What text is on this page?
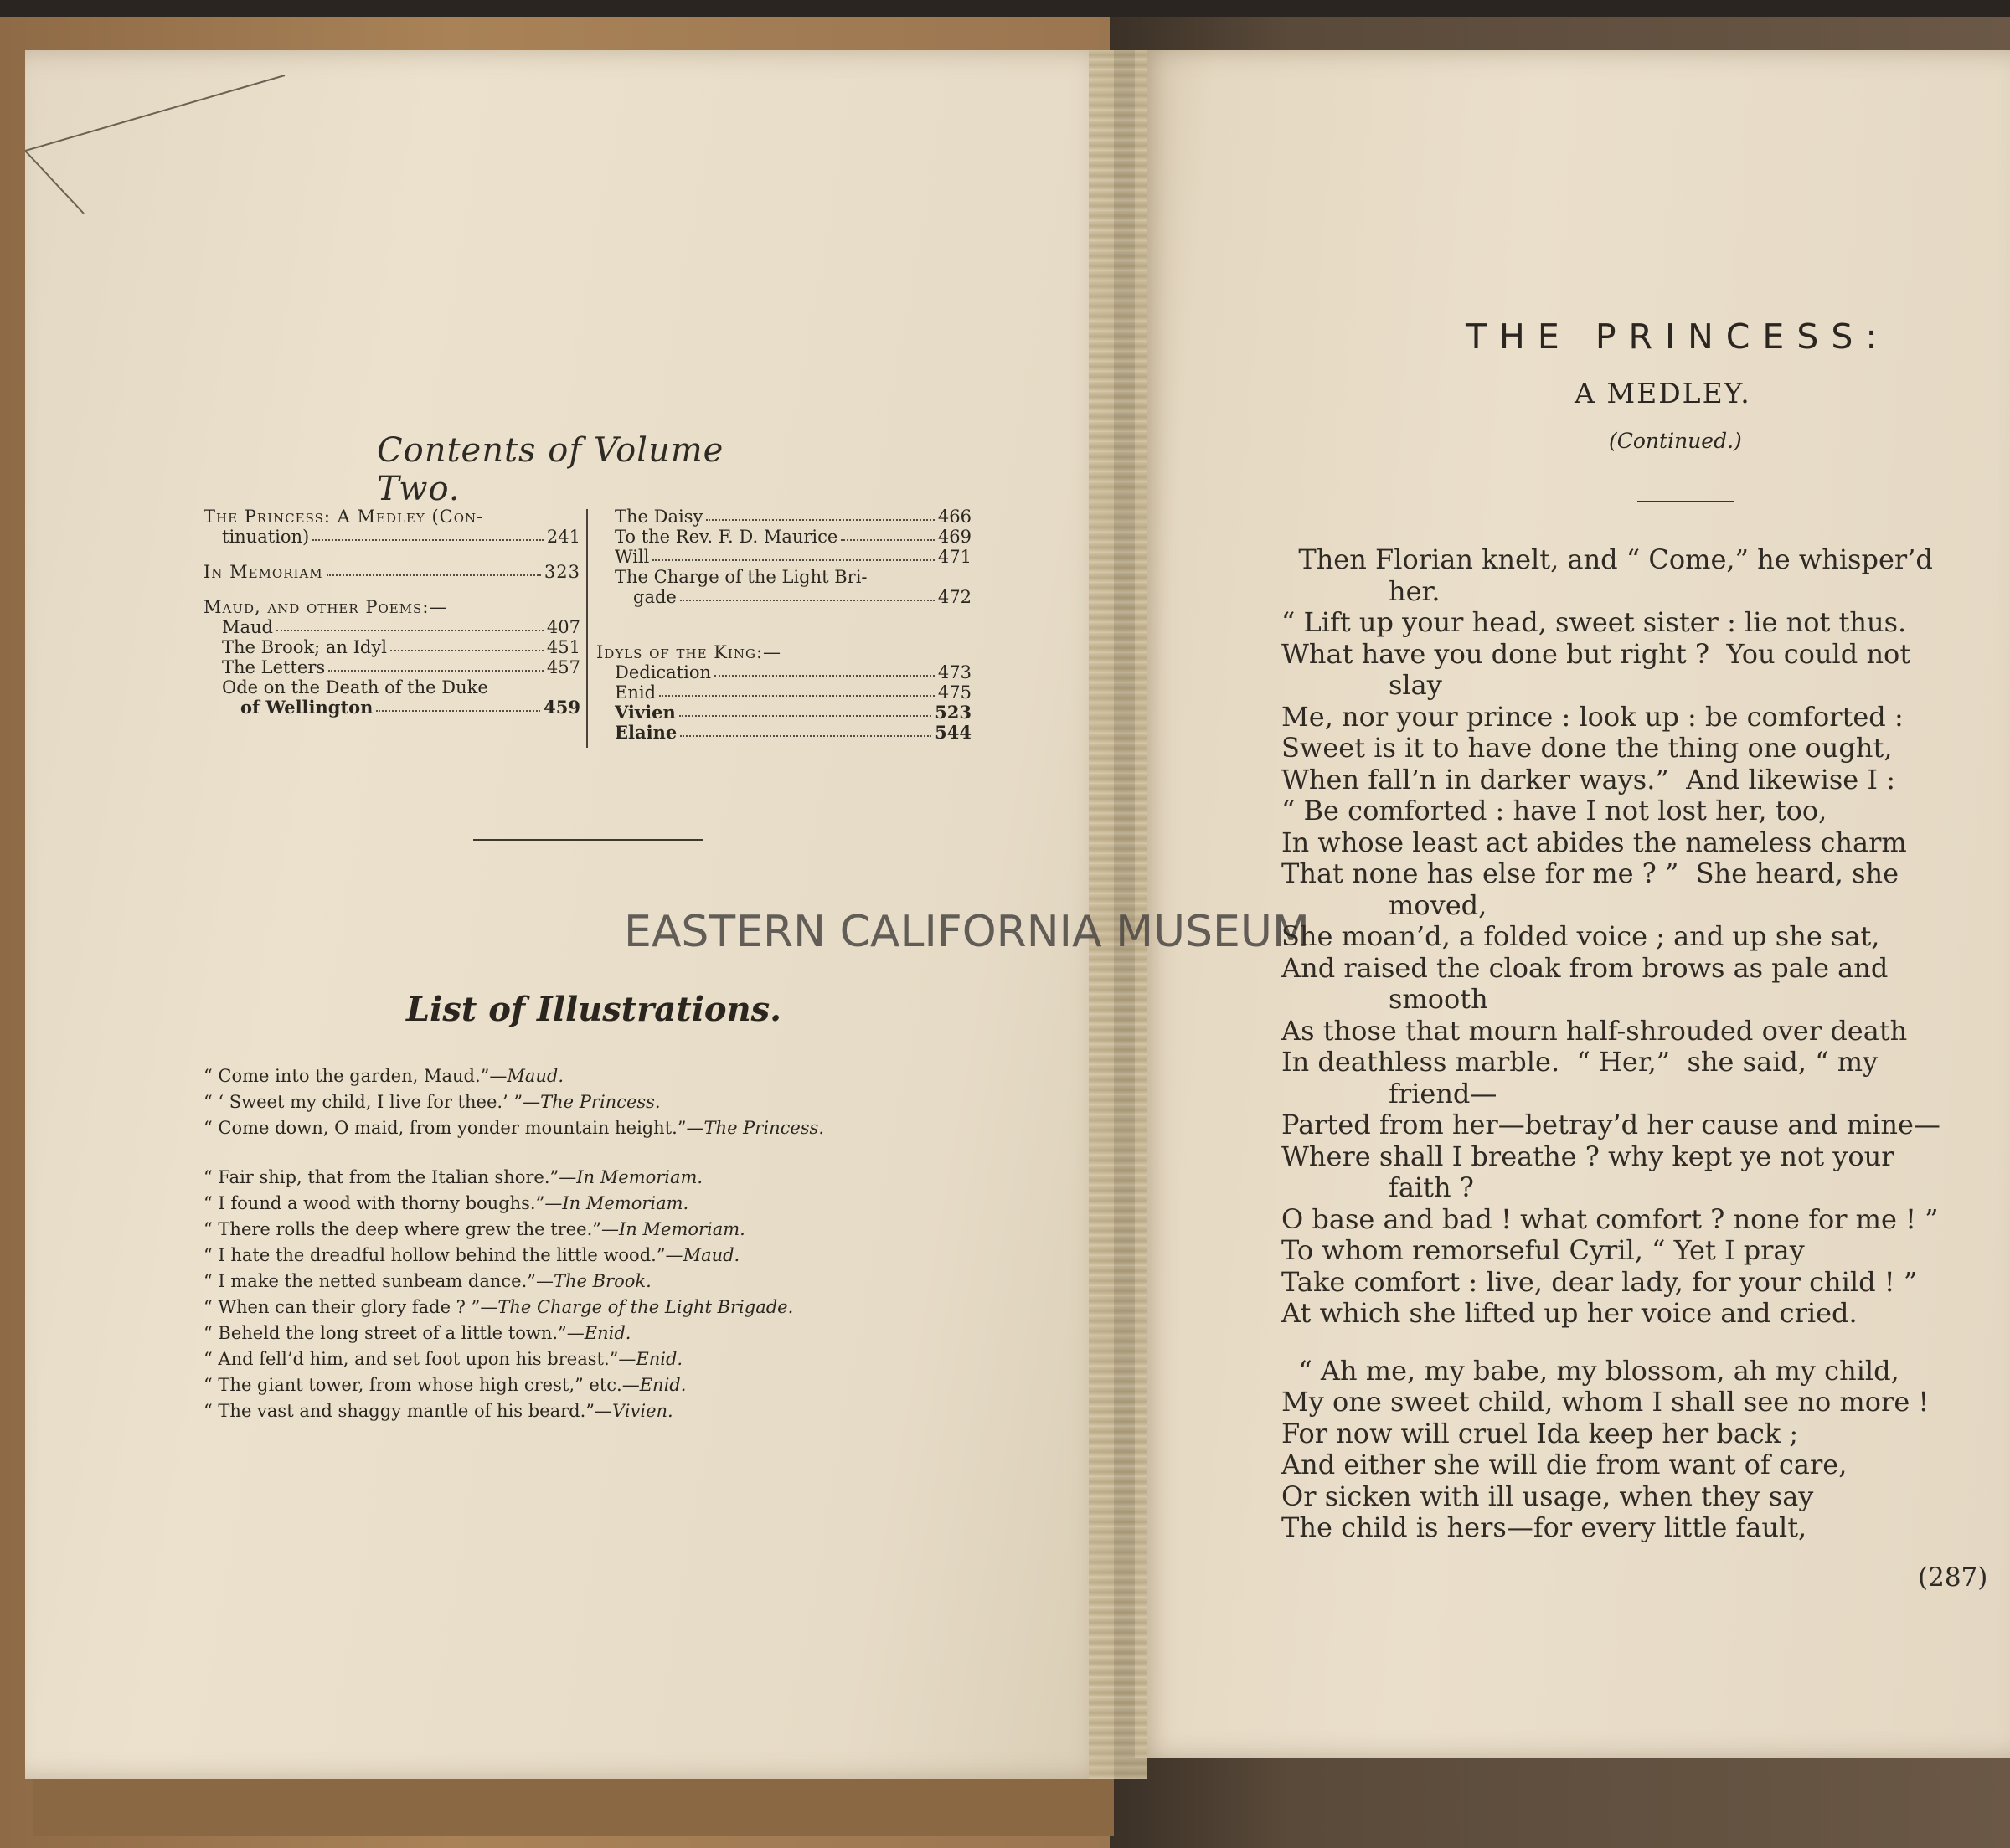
Contents of Volume Two.
The Princess: A Medley (Con-
tinuation)	241
In Memoriam	323
Maud, and other Poems:—
Maud	407
The Brook; an Idyl	451
The Letters	457
Ode on the Death of the Duke
of Wellington	459
The Daisy	466
To the Rev. F. D. Maurice	469
Will	471
The Charge of the Light Bri-
gade	472
Idyls of the King:—
Dedication	473
Enid	475
Vivien	523
Elaine	544
List of Illustrations.
“ Come into the garden, Maud.”—Maud.
“ ‘ Sweet my child, I live for thee.’ ”—The Princess.
“ Come down, O maid, from yonder mountain height.”—The Princess.
“ Fair ship, that from the Italian shore.”—In Memoriam.
“ I found a wood with thorny boughs.”—In Memoriam.
“ There rolls the deep where grew the tree.”—In Memoriam.
“ I hate the dreadful hollow behind the little wood.”—Maud.
“ I make the netted sunbeam dance.”—The Brook.
“ When can their glory fade ? ”—The Charge of the Light Brigade.
“ Beheld the long street of a little town.”—Enid.
“ And fell’d him, and set foot upon his breast.”—Enid.
“ The giant tower, from whose high crest,” etc.—Enid.
“ The vast and shaggy mantle of his beard.”—Vivien.
EASTERN CALIFORNIA MUSEUM
THE PRINCESS:
A MEDLEY.
(Continued.)
Then Florian knelt, and “ Come,” he whisper’d
her.
“ Lift up your head, sweet sister : lie not thus.
What have you done but right ?  You could not
slay
Me, nor your prince : look up : be comforted :
Sweet is it to have done the thing one ought,
When fall’n in darker ways.”  And likewise I :
“ Be comforted : have I not lost her, too,
In whose least act abides the nameless charm
That none has else for me ? ”  She heard, she
moved,
She moan’d, a folded voice ; and up she sat,
And raised the cloak from brows as pale and
smooth
As those that mourn half-shrouded over death
In deathless marble.  “ Her,”  she said, “ my
friend—
Parted from her—betray’d her cause and mine—
Where shall I breathe ? why kept ye not your
faith ?
O base and bad ! what comfort ? none for me ! ”
To whom remorseful Cyril, “ Yet I pray
Take comfort : live, dear lady, for your child ! ”
At which she lifted up her voice and cried.
“ Ah me, my babe, my blossom, ah my child,
My one sweet child, whom I shall see no more !
For now will cruel Ida keep her back ;
And either she will die from want of care,
Or sicken with ill usage, when they say
The child is hers—for every little fault,
(287)
